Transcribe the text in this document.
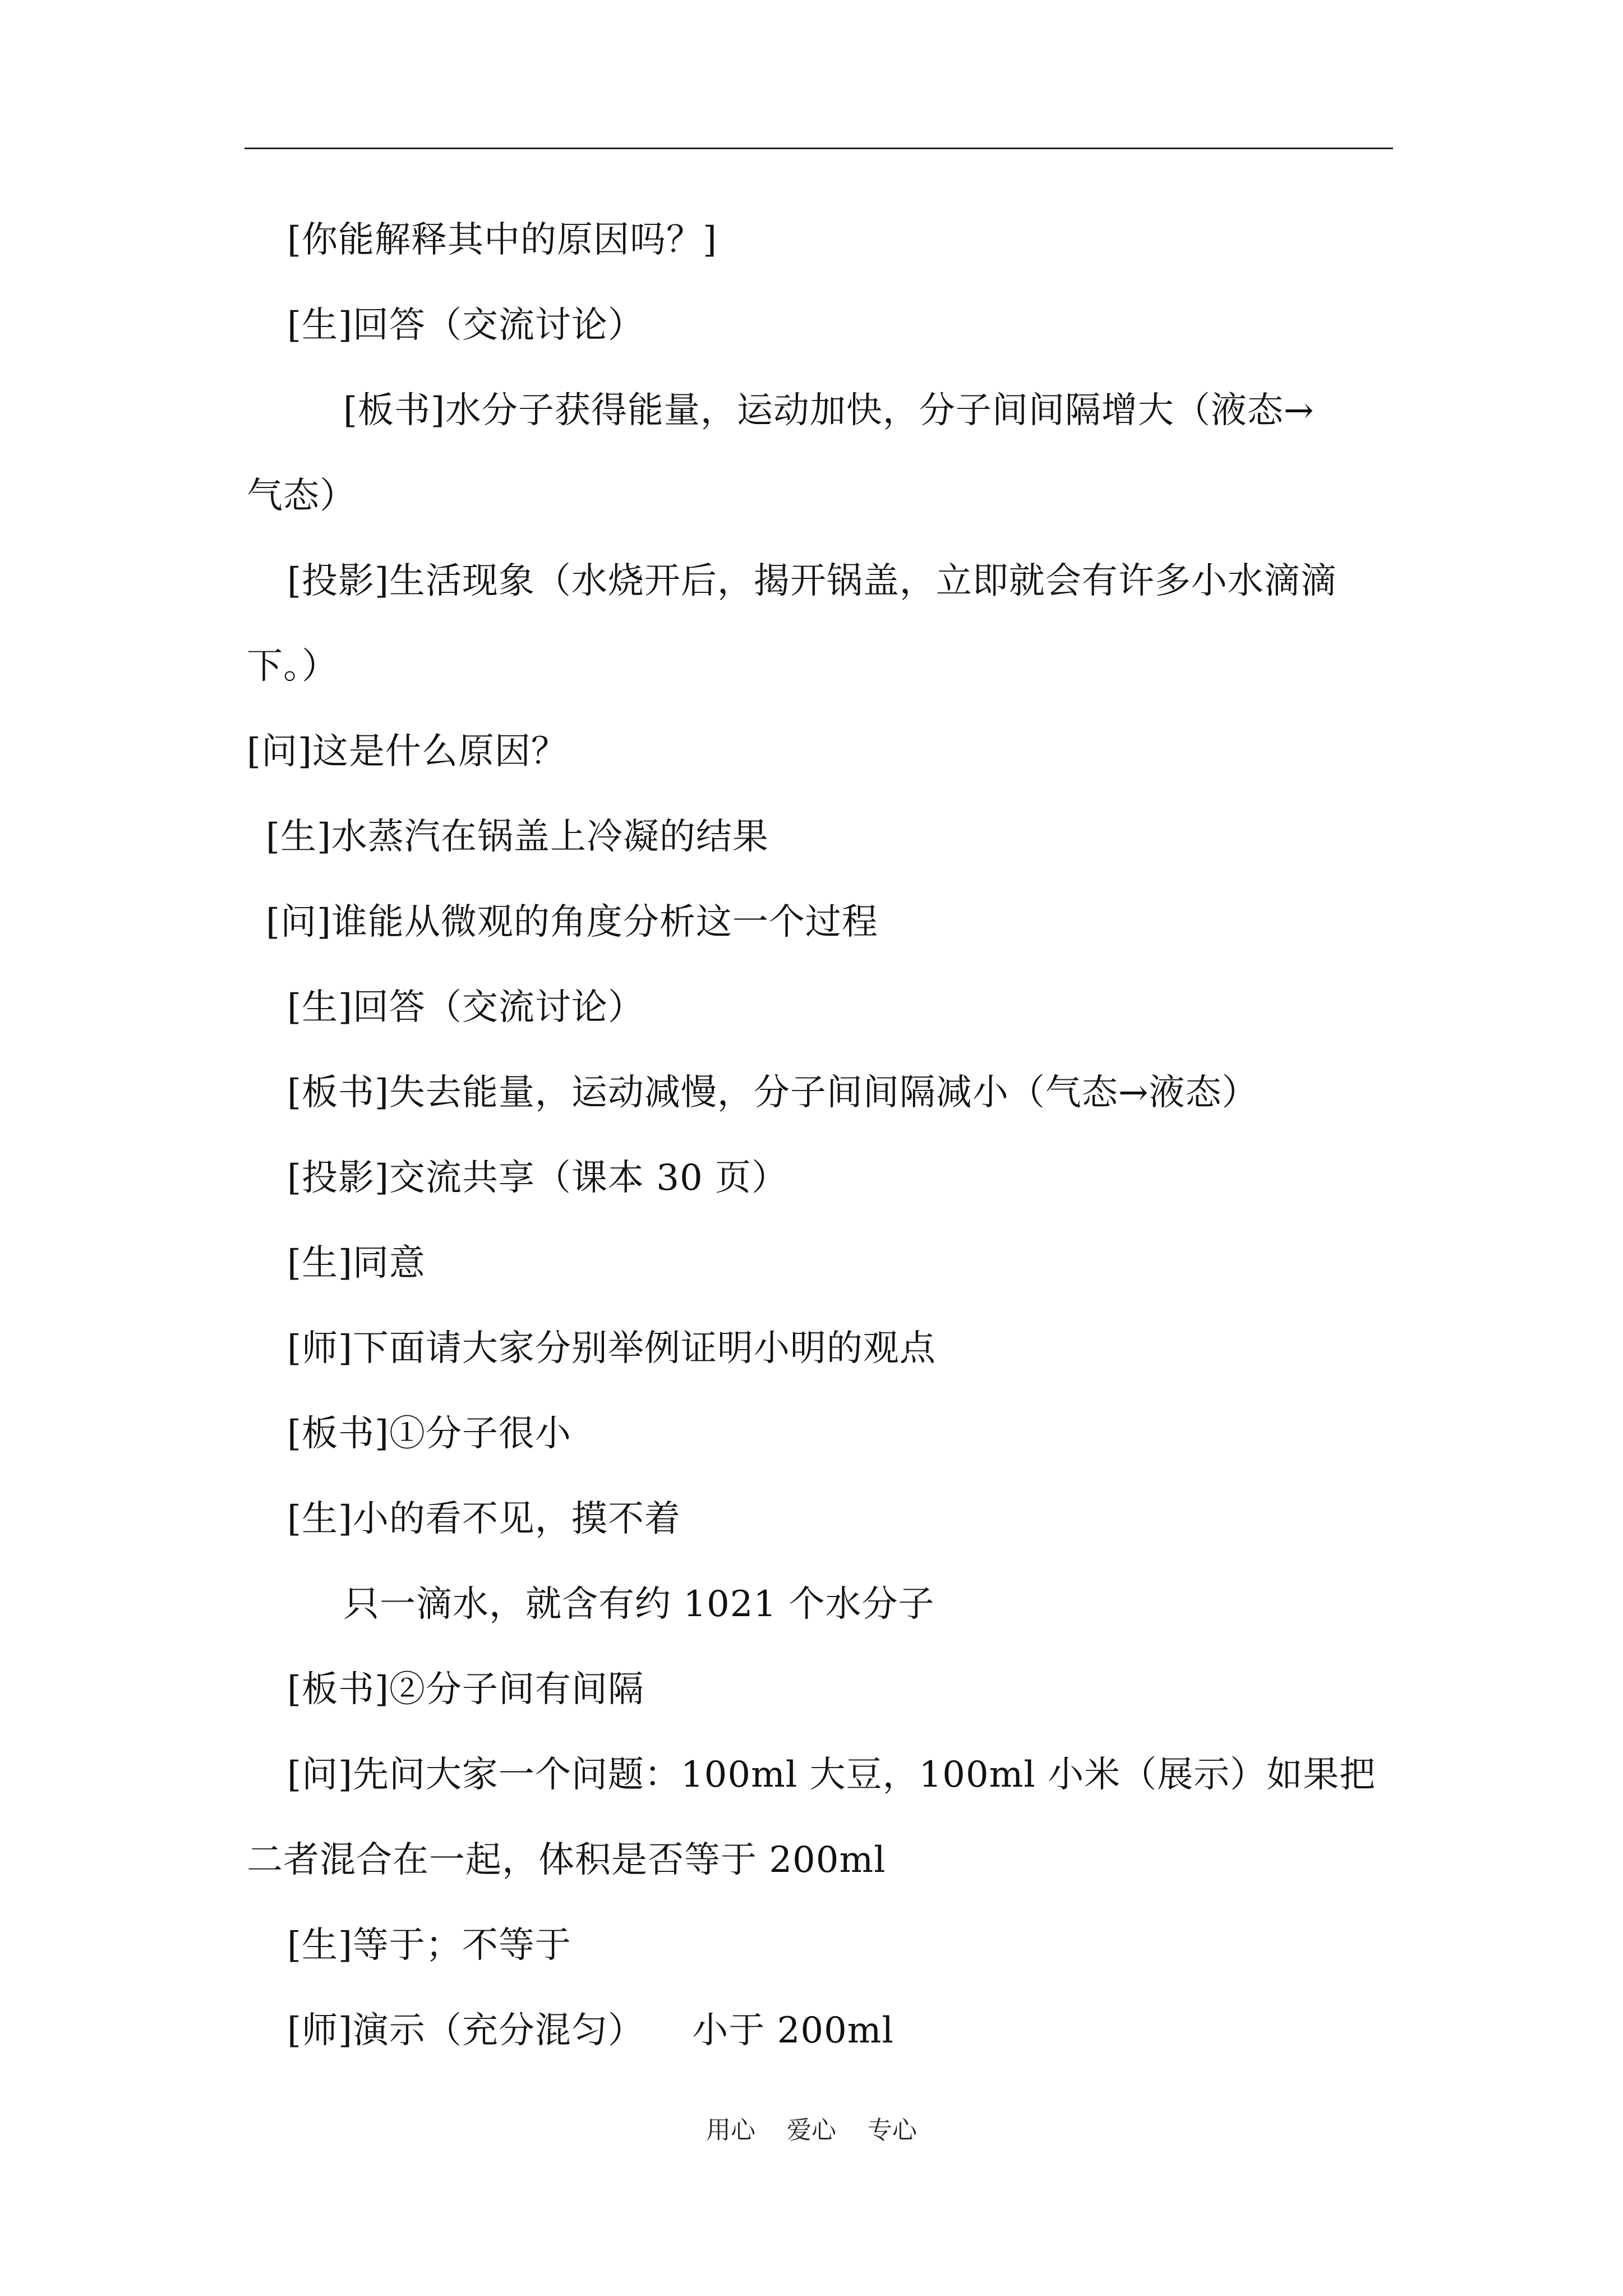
[你能解释其中的原因吗？]
[生]回答（交流讨论）
[板书]水分子获得能量，运动加快，分子间间隔增大（液态→
气态）
[投影]生活现象（水烧开后，揭开锅盖，立即就会有许多小水滴滴
下。）
[问]这是什么原因？
[生]水蒸汽在锅盖上冷凝的结果
[问]谁能从微观的角度分析这一个过程
[生]回答（交流讨论）
[板书]失去能量，运动减慢，分子间间隔减小（气态→液态）
[投影]交流共享（课本 30 页）
[生]同意
[师]下面请大家分别举例证明小明的观点
[板书]①分子很小
[生]小的看不见，摸不着
只一滴水，就含有约 1021 个水分子
[板书]②分子间有间隔
[问]先问大家一个问题：100ml 大豆，100ml 小米（展示）如果把
二者混合在一起，体积是否等于 200ml
[生]等于；不等于
[师]演示（充分混匀）    小于 200ml
用心    爱心    专心
